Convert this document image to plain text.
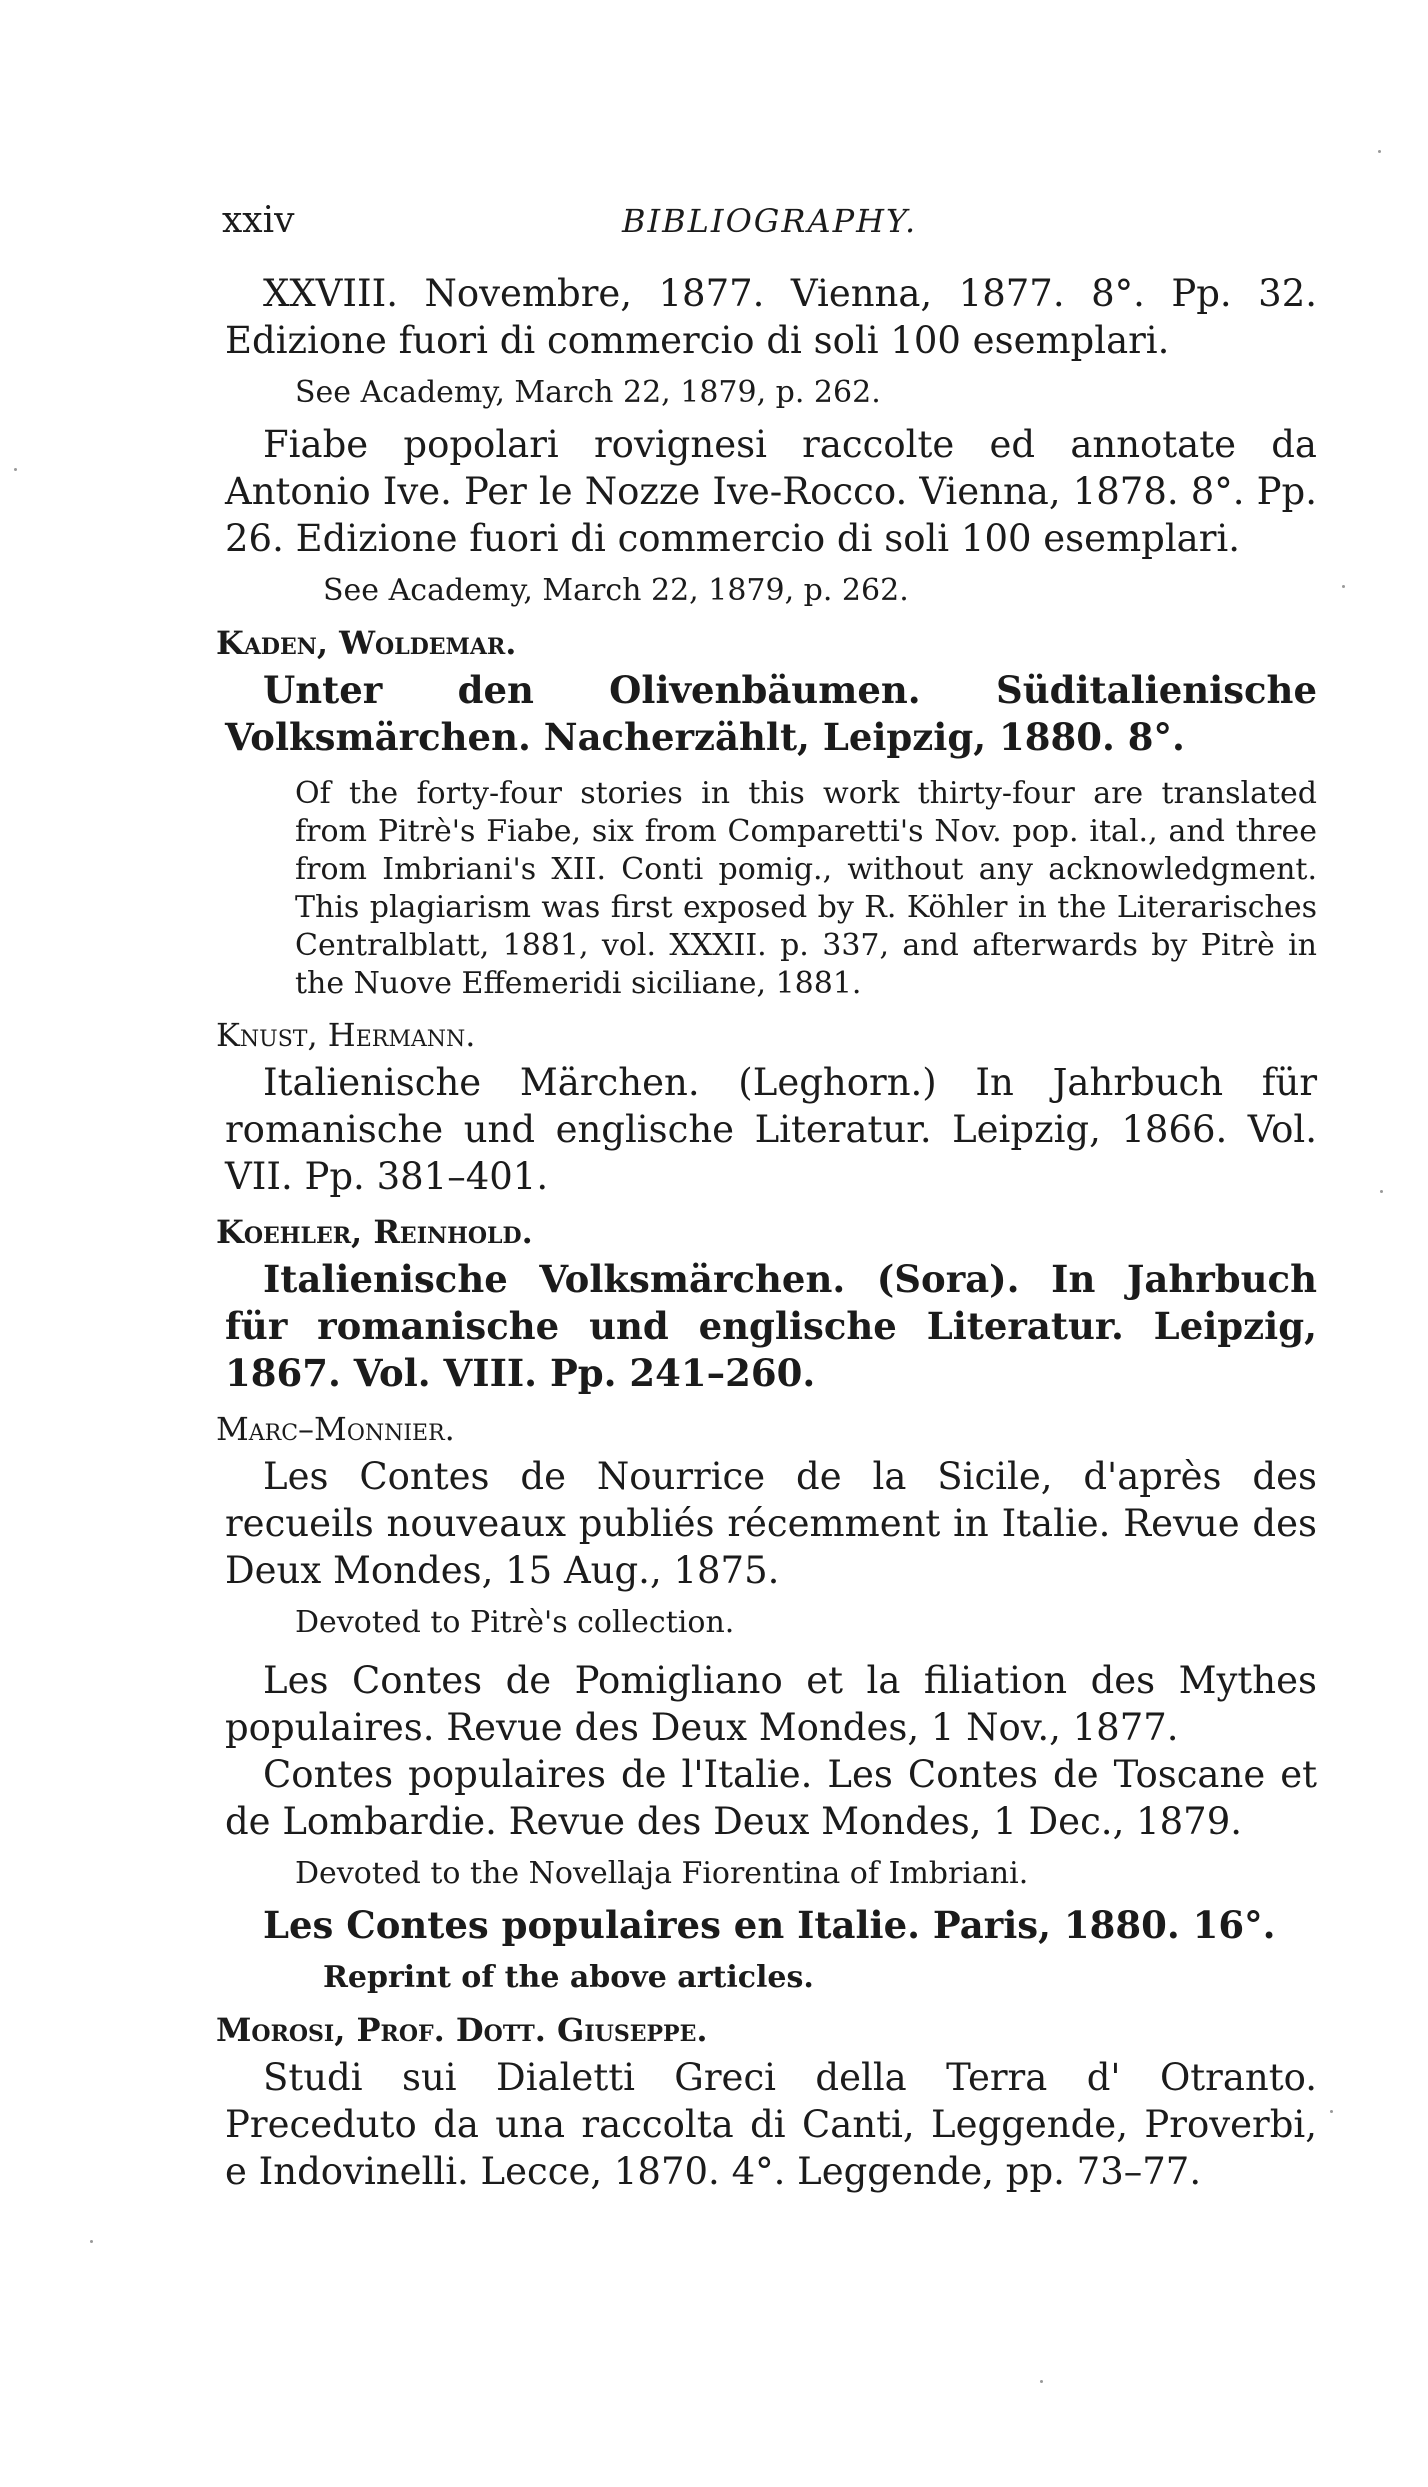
xxiv	BIBLIOGRAPHY.

XXVIII. Novembre, 1877. Vienna, 1877. 8°. Pp. 32. Edizione fuori di commercio di soli 100 esemplari.

See Academy, March 22, 1879, p. 262.

Fiabe popolari rovignesi raccolte ed annotate da Antonio Ive. Per le Nozze Ive-Rocco. Vienna, 1878. 8°. Pp. 26. Edizione fuori di commercio di soli 100 esemplari.

See Academy, March 22, 1879, p. 262.

Kaden, Woldemar.

Unter den Olivenbäumen. Süditalienische Volksmärchen. Nacherzählt, Leipzig, 1880. 8°.

Of the forty-four stories in this work thirty-four are translated from Pitrè's Fiabe, six from Comparetti's Nov. pop. ital., and three from Imbriani's XII. Conti pomig., without any acknowledgment. This plagiarism was first exposed by R. Köhler in the Literarisches Centralblatt, 1881, vol. XXXII. p. 337, and afterwards by Pitrè in the Nuove Effemeridi siciliane, 1881.

Knust, Hermann.

Italienische Märchen. (Leghorn.) In Jahrbuch für romanische und englische Literatur. Leipzig, 1866. Vol. VII. Pp. 381–401.

Koehler, Reinhold.

Italienische Volksmärchen. (Sora). In Jahrbuch für romanische und englische Literatur. Leipzig, 1867. Vol. VIII. Pp. 241–260.

Marc–Monnier.

Les Contes de Nourrice de la Sicile, d'après des recueils nouveaux publiés récemment in Italie. Revue des Deux Mondes, 15 Aug., 1875.

Devoted to Pitrè's collection.

Les Contes de Pomigliano et la filiation des Mythes populaires. Revue des Deux Mondes, 1 Nov., 1877.

Contes populaires de l'Italie. Les Contes de Toscane et de Lombardie. Revue des Deux Mondes, 1 Dec., 1879.

Devoted to the Novellaja Fiorentina of Imbriani.

Les Contes populaires en Italie. Paris, 1880. 16°.

Reprint of the above articles.

Morosi, Prof. Dott. Giuseppe.

Studi sui Dialetti Greci della Terra d' Otranto. Preceduto da una raccolta di Canti, Leggende, Proverbi, e Indovinelli. Lecce, 1870. 4°. Leggende, pp. 73–77.
